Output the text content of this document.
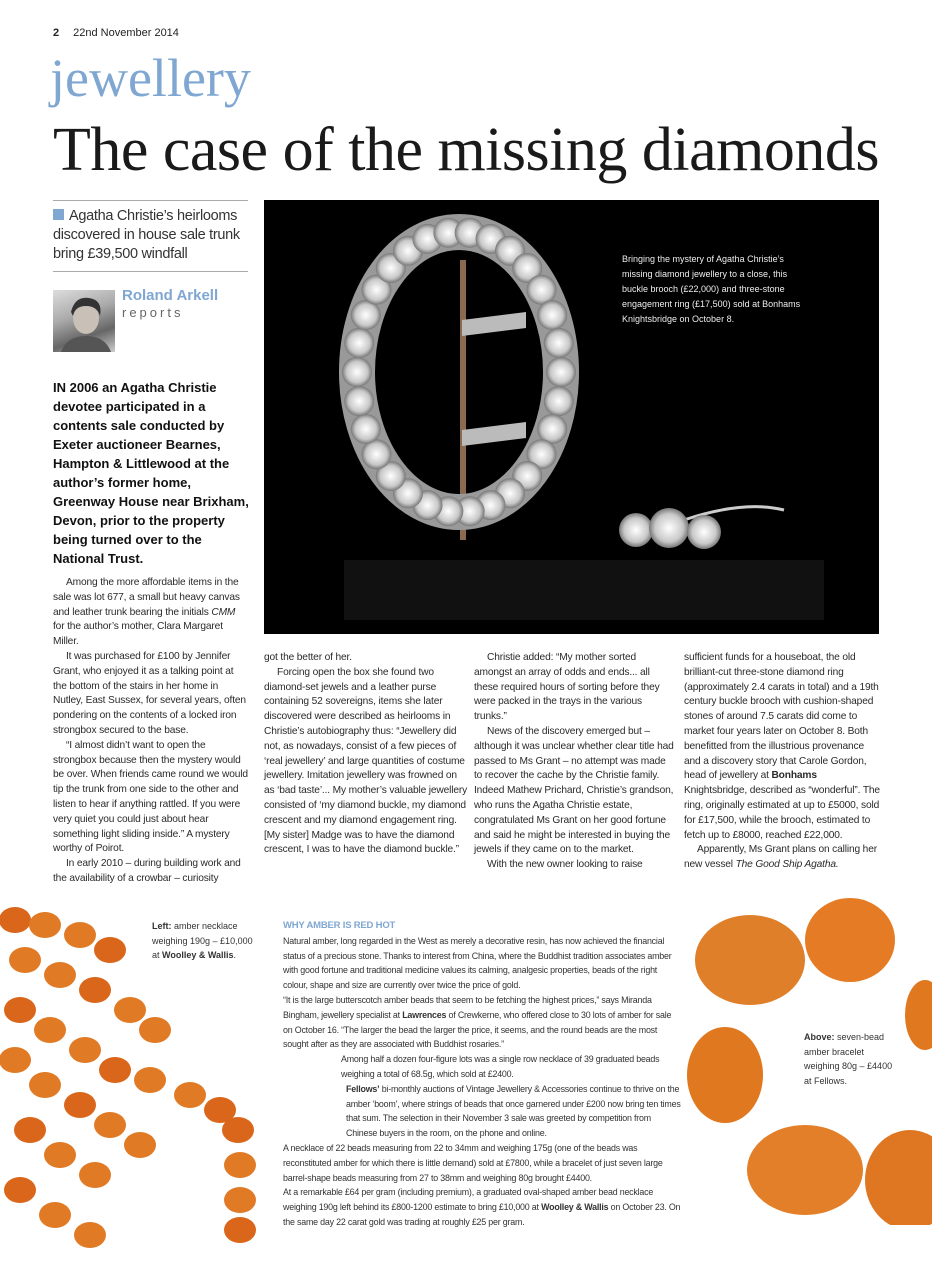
2 22nd November 2014
jewellery
The case of the missing diamonds
Agatha Christie’s heirlooms discovered in house sale trunk bring £39,500 windfall
Roland Arkell
reports
IN 2006 an Agatha Christie devotee participated in a contents sale conducted by Exeter auctioneer Bearnes, Hampton & Littlewood at the author’s former home, Greenway House near Brixham, Devon, prior to the property being turned over to the National Trust.

Among the more affordable items in the sale was lot 677, a small but heavy canvas and leather trunk bearing the initials CMM for the author’s mother, Clara Margaret Miller.

It was purchased for £100 by Jennifer Grant, who enjoyed it as a talking point at the bottom of the stairs in her home in Nutley, East Sussex, for several years, often pondering on the contents of a locked iron strongbox secured to the base.

“I almost didn’t want to open the strongbox because then the mystery would be over. When friends came round we would tip the trunk from one side to the other and listen to hear if anything rattled. If you were very quiet you could just about hear something light sliding inside.” A mystery worthy of Poirot.

In early 2010 – during building work and the availability of a crowbar – curiosity

got the better of her.

Forcing open the box she found two diamond-set jewels and a leather purse containing 52 sovereigns, items she later discovered were described as heirlooms in Christie’s autobiography thus: “Jewellery did not, as nowadays, consist of a few pieces of ‘real jewellery’ and large quantities of costume jewellery. Imitation jewellery was frowned on as ‘bad taste’... My mother’s valuable jewellery consisted of ‘my diamond buckle, my diamond crescent and my diamond engagement ring. [My sister] Madge was to have the diamond crescent, I was to have the diamond buckle.”

Christie added: “My mother sorted amongst an array of odds and ends... all these required hours of sorting before they were packed in the trays in the various trunks.”

News of the discovery emerged but – although it was unclear whether clear title had passed to Ms Grant – no attempt was made to recover the cache by the Christie family. Indeed Mathew Prichard, Christie’s grandson, who runs the Agatha Christie estate, congratulated Ms Grant on her good fortune and said he might be interested in buying the jewels if they came on to the market.

With the new owner looking to raise

sufficient funds for a houseboat, the old brilliant-cut three-stone diamond ring (approximately 2.4 carats in total) and a 19th century buckle brooch with cushion-shaped stones of around 7.5 carats did come to market four years later on October 8. Both benefitted from the illustrious provenance and a discovery story that Carole Gordon, head of jewellery at Bonhams Knightsbridge, described as “wonderful”. The ring, originally estimated at up to £5000, sold for £17,500, while the brooch, estimated to fetch up to £8000, reached £22,000.

Apparently, Ms Grant plans on calling her new vessel The Good Ship Agatha.

Bringing the mystery of Agatha Christie’s missing diamond jewellery to a close, this buckle brooch (£22,000) and three-stone engagement ring (£17,500) sold at Bonhams Knightsbridge on October 8.
Left: amber necklace weighing 190g – £10,000 at Woolley & Wallis.
WHY AMBER IS RED HOT

Natural amber, long regarded in the West as merely a decorative resin, has now achieved the financial status of a precious stone. Thanks to interest from China, where the Buddhist tradition associates amber with good fortune and traditional medicine values its calming, analgesic properties, beads of the right colour, shape and size are currently over twice the price of gold.

“It is the large butterscotch amber beads that seem to be fetching the highest prices,” says Miranda Bingham, jewellery specialist at Lawrences of Crewkerne, who offered close to 30 lots of amber for sale on October 16. “The larger the bead the larger the price, it seems, and the round beads are the most sought after as they are associated with Buddhist rosaries.”

Among half a dozen four-figure lots was a single row necklace of 39 graduated beads weighing a total of 68.5g, which sold at £2400.

Fellows’ bi-monthly auctions of Vintage Jewellery & Accessories continue to thrive on the amber ‘boom’, where strings of beads that once garnered under £200 now bring ten times that sum. The selection in their November 3 sale was greeted by competition from Chinese buyers in the room, on the phone and online.

A necklace of 22 beads measuring from 22 to 34mm and weighing 175g (one of the beads was reconstituted amber for which there is little demand) sold at £7800, while a bracelet of just seven large barrel-shape beads measuring from 27 to 38mm and weighing 80g brought £4400.

At a remarkable £64 per gram (including premium), a graduated oval-shaped amber bead necklace weighing 190g left behind its £800-1200 estimate to bring £10,000 at Woolley & Wallis on October 23. On the same day 22 carat gold was trading at roughly £25 per gram.

Above: seven-bead amber bracelet weighing 80g – £4400 at Fellows.
